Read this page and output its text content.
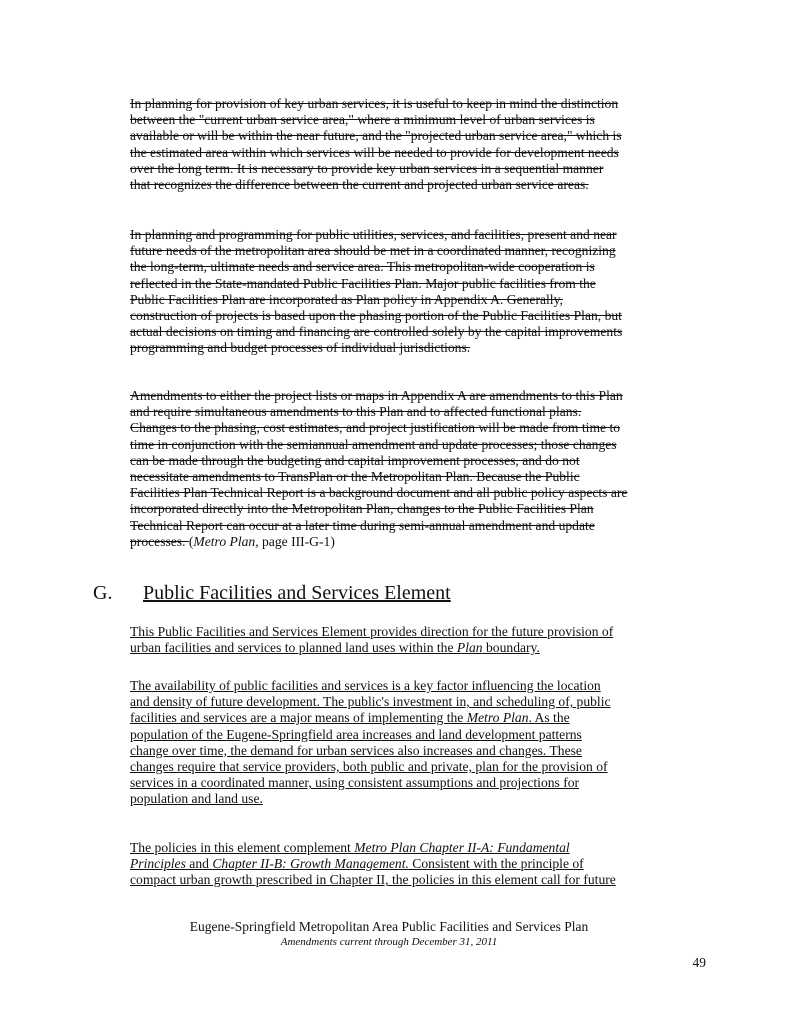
In planning for provision of key urban services, it is useful to keep in mind the distinction
between the "current urban service area," where a minimum level of urban services is
available or will be within the near future, and the "projected urban service area," which is
the estimated area within which services will be needed to provide for development needs
over the long term. It is necessary to provide key urban services in a sequential manner
that recognizes the difference between the current and projected urban service areas.

In planning and programming for public utilities, services, and facilities, present and near
future needs of the metropolitan area should be met in a coordinated manner, recognizing
the long-term, ultimate needs and service area. This metropolitan-wide cooperation is
reflected in the State-mandated Public Facilities Plan. Major public facilities from the
Public Facilities Plan are incorporated as Plan policy in Appendix A. Generally,
construction of projects is based upon the phasing portion of the Public Facilities Plan, but
actual decisions on timing and financing are controlled solely by the capital improvements
programming and budget processes of individual jurisdictions.

Amendments to either the project lists or maps in Appendix A are amendments to this Plan
and require simultaneous amendments to this Plan and to affected functional plans.
Changes to the phasing, cost estimates, and project justification will be made from time to
time in conjunction with the semiannual amendment and update processes; those changes
can be made through the budgeting and capital improvement processes, and do not
necessitate amendments to TransPlan or the Metropolitan Plan. Because the Public
Facilities Plan Technical Report is a background document and all public policy aspects are
incorporated directly into the Metropolitan Plan, changes to the Public Facilities Plan
Technical Report can occur at a later time during semi-annual amendment and update
processes. (Metro Plan, page III-G-1)

G. Public Facilities and Services Element

This Public Facilities and Services Element provides direction for the future provision of
urban facilities and services to planned land uses within the Plan boundary.

The availability of public facilities and services is a key factor influencing the location
and density of future development. The public's investment in, and scheduling of, public
facilities and services are a major means of implementing the Metro Plan. As the
population of the Eugene-Springfield area increases and land development patterns
change over time, the demand for urban services also increases and changes. These
changes require that service providers, both public and private, plan for the provision of
services in a coordinated manner, using consistent assumptions and projections for
population and land use.

The policies in this element complement Metro Plan Chapter II-A: Fundamental
Principles and Chapter II-B: Growth Management. Consistent with the principle of
compact urban growth prescribed in Chapter II, the policies in this element call for future

Eugene-Springfield Metropolitan Area Public Facilities and Services Plan
Amendments current through December 31, 2011
49
